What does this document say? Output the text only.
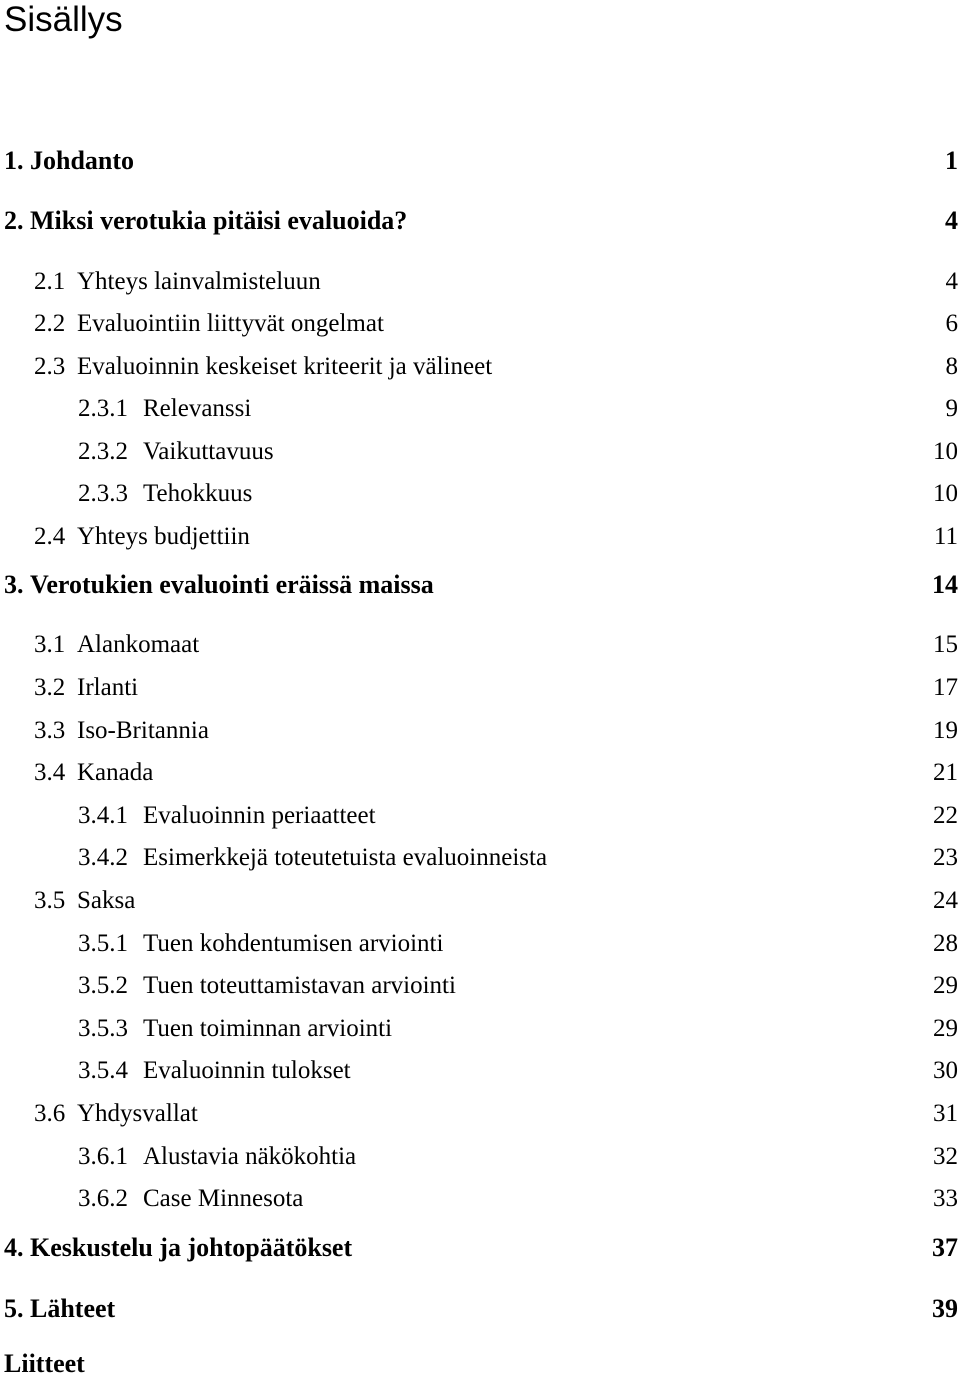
Sisällys
1. Johdanto	1
2. Miksi verotukia pitäisi evaluoida?	4
2.1 Yhteys lainvalmisteluun	4
2.2 Evaluointiin liittyvät ongelmat	6
2.3 Evaluoinnin keskeiset kriteerit ja välineet	8
2.3.1 Relevanssi	9
2.3.2 Vaikuttavuus	10
2.3.3 Tehokkuus	10
2.4 Yhteys budjettiin	11
3. Verotukien evaluointi eräissä maissa	14
3.1 Alankomaat	15
3.2 Irlanti	17
3.3 Iso-Britannia	19
3.4 Kanada	21
3.4.1 Evaluoinnin periaatteet	22
3.4.2 Esimerkkejä toteutetuista evaluoinneista	23
3.5 Saksa	24
3.5.1 Tuen kohdentumisen arviointi	28
3.5.2 Tuen toteuttamistavan arviointi	29
3.5.3 Tuen toiminnan arviointi	29
3.5.4 Evaluoinnin tulokset	30
3.6 Yhdysvallat	31
3.6.1 Alustavia näkökohtia	32
3.6.2 Case Minnesota	33
4. Keskustelu ja johtopäätökset	37
5. Lähteet	39
Liitteet
